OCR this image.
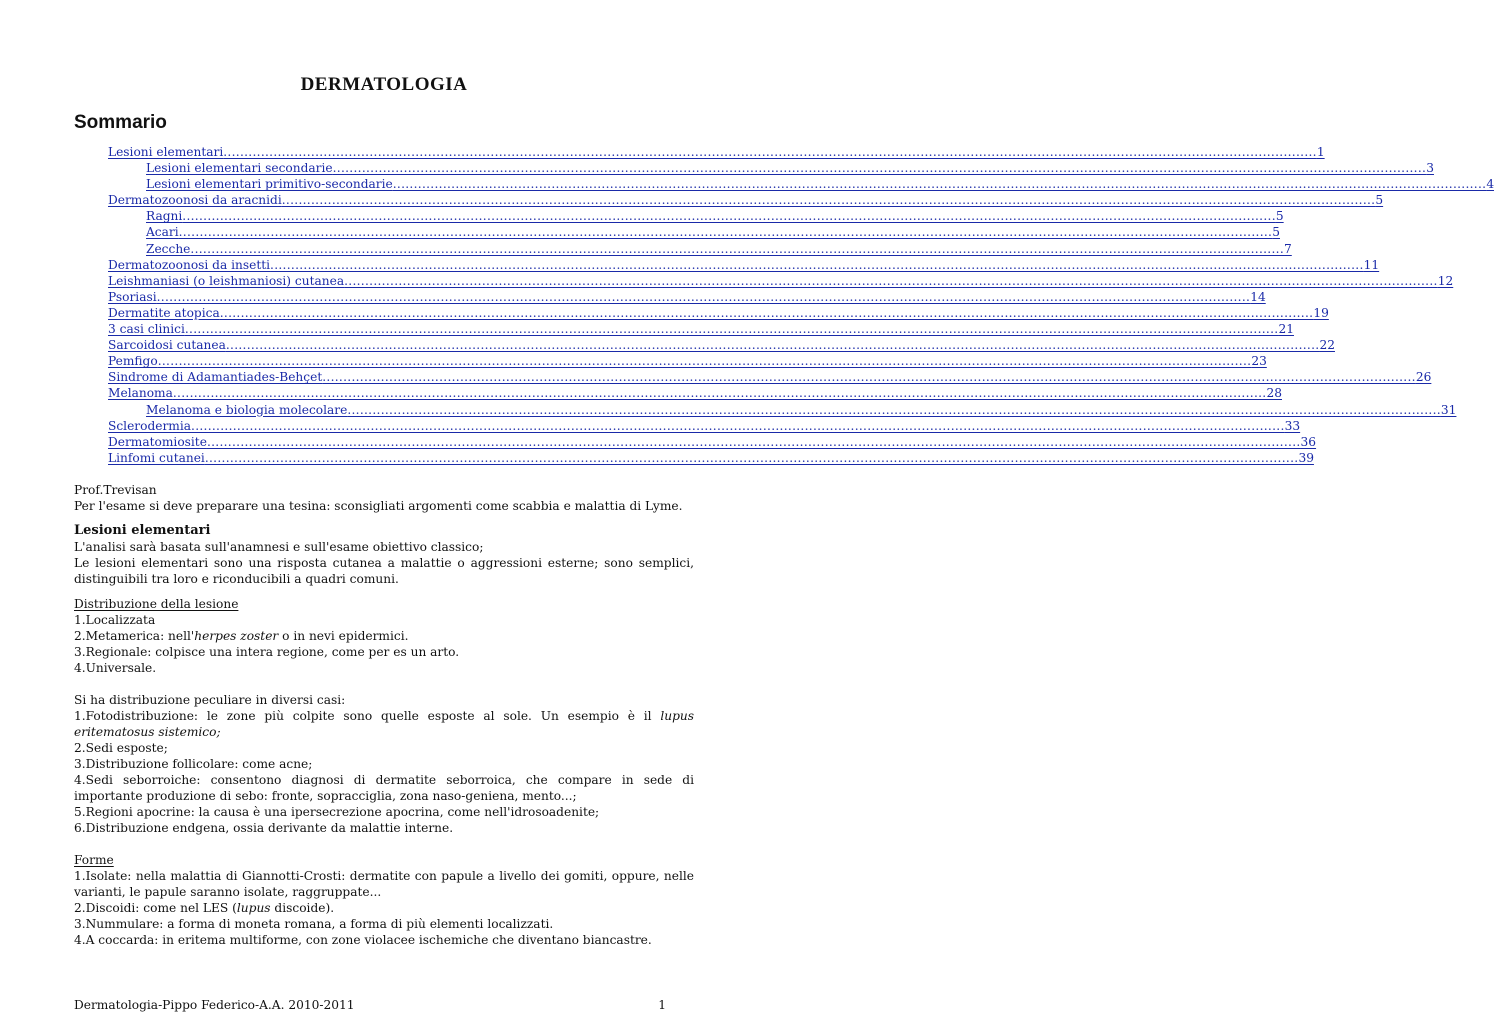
DERMATOLOGIA
Sommario
Lesioni elementari ...................................................................................................................................................................................................................................................................... 1
Lesioni elementari secondarie ...................................................................................................................................................................................................................................................................... 3
Lesioni elementari primitivo-secondarie ...................................................................................................................................................................................................................................................................... 4
Dermatozoonosi da aracnidi ...................................................................................................................................................................................................................................................................... 5
Ragni ...................................................................................................................................................................................................................................................................... 5
Acari ...................................................................................................................................................................................................................................................................... 5
Zecche ...................................................................................................................................................................................................................................................................... 7
Dermatozoonosi da insetti ...................................................................................................................................................................................................................................................................... 11
Leishmaniasi (o leishmaniosi) cutanea ...................................................................................................................................................................................................................................................................... 12
Psoriasi ...................................................................................................................................................................................................................................................................... 14
Dermatite atopica ...................................................................................................................................................................................................................................................................... 19
3 casi clinici ...................................................................................................................................................................................................................................................................... 21
Sarcoidosi cutanea ...................................................................................................................................................................................................................................................................... 22
Pemfigo ...................................................................................................................................................................................................................................................................... 23
Sindrome di Adamantiades-Behçet ...................................................................................................................................................................................................................................................................... 26
Melanoma ...................................................................................................................................................................................................................................................................... 28
Melanoma e biologia molecolare ...................................................................................................................................................................................................................................................................... 31
Sclerodermia ...................................................................................................................................................................................................................................................................... 33
Dermatomiosite ...................................................................................................................................................................................................................................................................... 36
Linfomi cutanei ...................................................................................................................................................................................................................................................................... 39

Prof.Trevisan

Per l'esame si deve preparare una tesina: sconsigliati argomenti come scabbia e malattia di Lyme.

Lesioni elementari

L'analisi sarà basata sull'anamnesi e sull'esame obiettivo classico;

Le lesioni elementari sono una risposta cutanea a malattie o aggressioni esterne; sono semplici, distinguibili tra loro e riconducibili a quadri comuni.

Distribuzione della lesione

1.Localizzata

2.Metamerica: nell'herpes zoster o in nevi epidermici.

3.Regionale: colpisce una intera regione, come per es un arto.

4.Universale.

Si ha distribuzione peculiare in diversi casi:

1.Fotodistribuzione: le zone più colpite sono quelle esposte al sole. Un esempio è il lupus eritematosus sistemico;

2.Sedi esposte;

3.Distribuzione follicolare: come acne;

4.Sedi seborroiche: consentono diagnosi di dermatite seborroica, che compare in sede di importante produzione di sebo: fronte, sopracciglia, zona naso-geniena, mento...;

5.Regioni apocrine: la causa è una ipersecrezione apocrina, come nell'idrosoadenite;

6.Distribuzione endgena, ossia derivante da malattie interne.

Forme

1.Isolate: nella malattia di Giannotti-Crosti: dermatite con papule a livello dei gomiti, oppure, nelle varianti, le papule saranno isolate, raggruppate...

2.Discoidi: come nel LES (lupus discoide).

3.Nummulare: a forma di moneta romana, a forma di più elementi localizzati.

4.A coccarda: in eritema multiforme, con zone violacee ischemiche che diventano biancastre.

Dermatologia-Pippo Federico-A.A. 2010-2011	1
